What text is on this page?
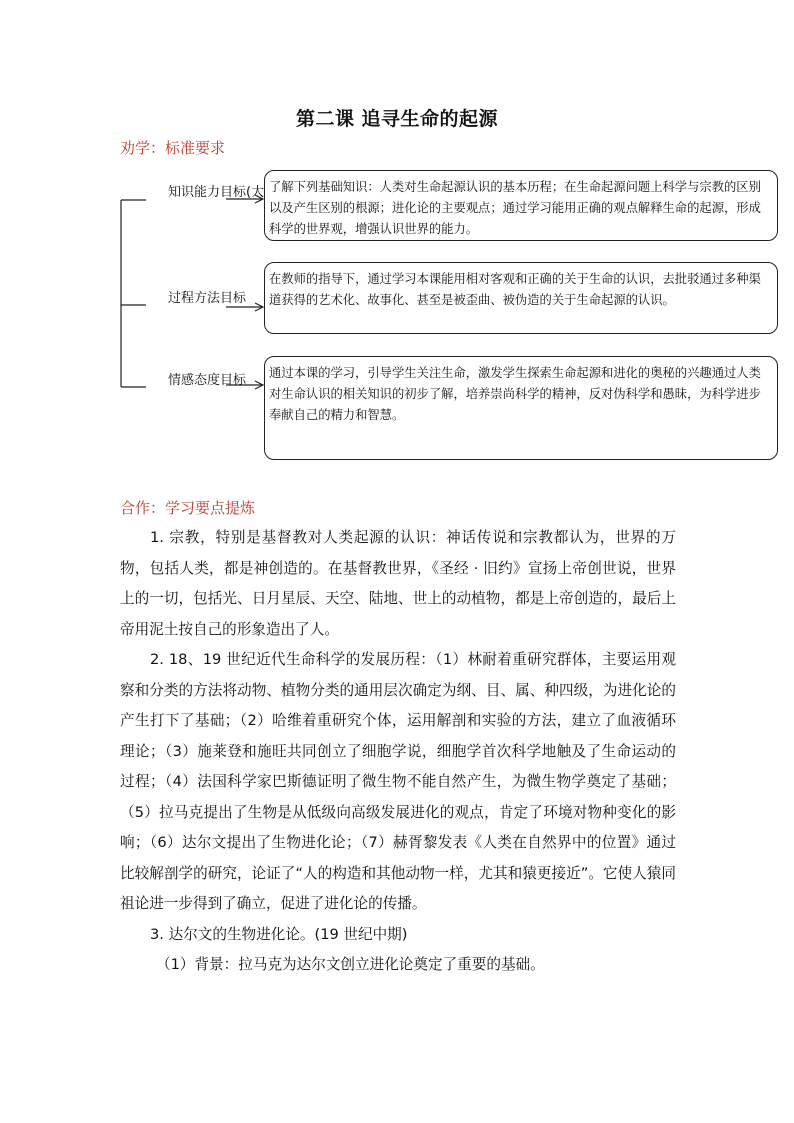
第二课 追寻生命的起源
劝学：标准要求
知识能力目标(大
过程方法目标
情感态度目标
了解下列基础知识：人类对生命起源认识的基本历程；在生命起源问题上科学与宗教的区别以及产生区别的根源；进化论的主要观点；通过学习能用正确的观点解释生命的起源，形成科学的世界观，增强认识世界的能力。
在教师的指导下，通过学习本课能用相对客观和正确的关于生命的认识，去批驳通过多种渠道获得的艺术化、故事化、甚至是被歪曲、被伪造的关于生命起源的认识。
通过本课的学习，引导学生关注生命，激发学生探索生命起源和进化的奥秘的兴趣通过人类对生命认识的相关知识的初步了解，培养崇尚科学的精神，反对伪科学和愚昧，为科学进步奉献自己的精力和智慧。
合作：学习要点提炼

1. 宗教，特别是基督教对人类起源的认识：神话传说和宗教都认为，世界的万物，包括人类，都是神创造的。在基督教世界，《圣经 · 旧约》宣扬上帝创世说，世界上的一切，包括光、日月星辰、天空、陆地、世上的动植物，都是上帝创造的，最后上帝用泥土按自己的形象造出了人。

2. 18、19 世纪近代生命科学的发展历程：（1）林耐着重研究群体，主要运用观察和分类的方法将动物、植物分类的通用层次确定为纲、目、属、种四级，为进化论的产生打下了基础；（2）哈维着重研究个体，运用解剖和实验的方法，建立了血液循环理论；（3）施莱登和施旺共同创立了细胞学说，细胞学首次科学地触及了生命运动的过程；（4）法国科学家巴斯德证明了微生物不能自然产生，为微生物学奠定了基础；（5）拉马克提出了生物是从低级向高级发展进化的观点，肯定了环境对物种变化的影响；（6）达尔文提出了生物进化论；（7）赫胥黎发表《人类在自然界中的位置》通过比较解剖学的研究，论证了“人的构造和其他动物一样，尤其和猿更接近”。它使人猿同祖论进一步得到了确立，促进了进化论的传播。

3. 达尔文的生物进化论。(19 世纪中期)

（1）背景：拉马克为达尔文创立进化论奠定了重要的基础。
